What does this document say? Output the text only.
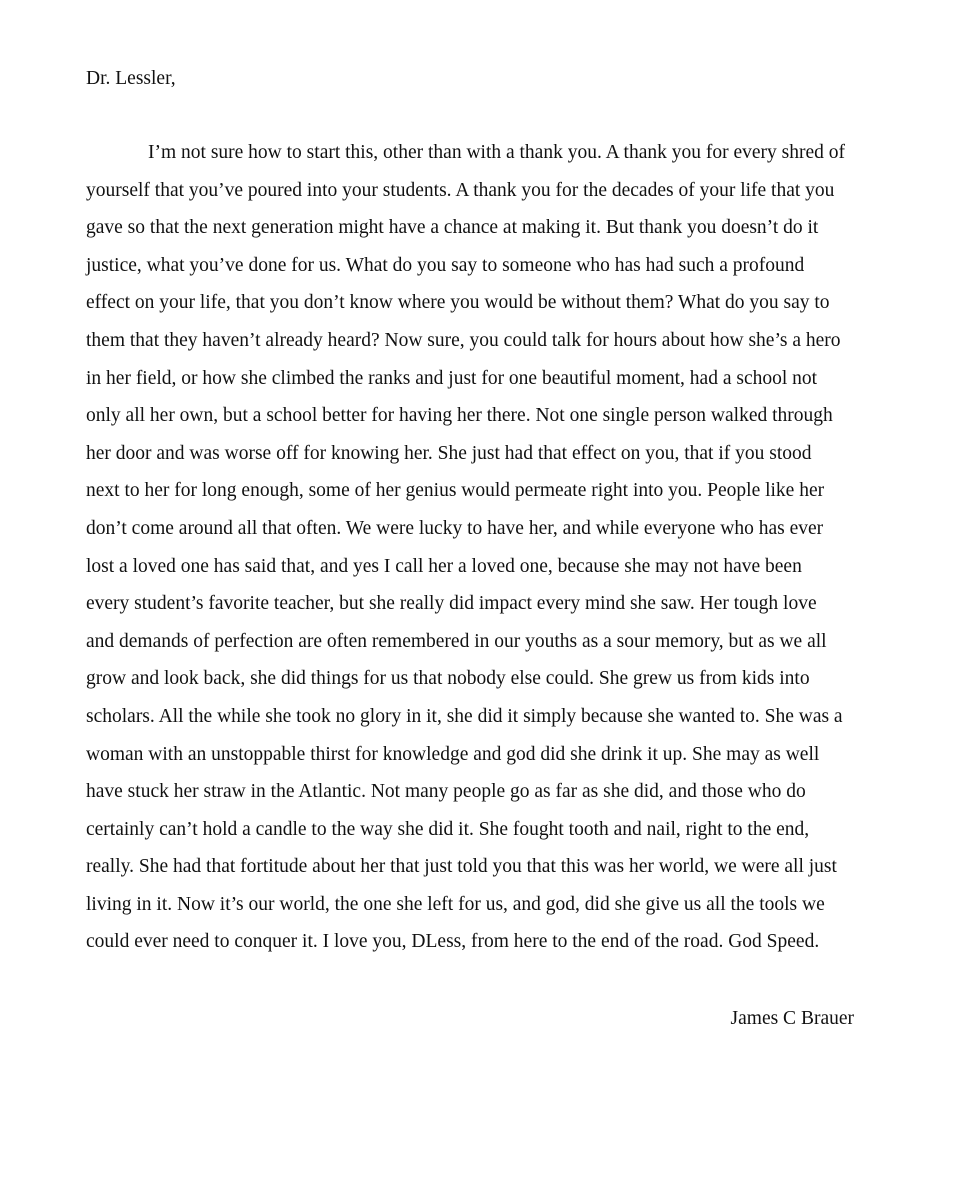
Dr. Lessler,

I’m not sure how to start this, other than with a thank you. A thank you for every shred of
yourself that you’ve poured into your students. A thank you for the decades of your life that you
gave so that the next generation might have a chance at making it. But thank you doesn’t do it
justice, what you’ve done for us. What do you say to someone who has had such a profound
effect on your life, that you don’t know where you would be without them? What do you say to
them that they haven’t already heard? Now sure, you could talk for hours about how she’s a hero
in her field, or how she climbed the ranks and just for one beautiful moment, had a school not
only all her own, but a school better for having her there. Not one single person walked through
her door and was worse off for knowing her. She just had that effect on you, that if you stood
next to her for long enough, some of her genius would permeate right into you. People like her
don’t come around all that often. We were lucky to have her, and while everyone who has ever
lost a loved one has said that, and yes I call her a loved one, because she may not have been
every student’s favorite teacher, but she really did impact every mind she saw. Her tough love
and demands of perfection are often remembered in our youths as a sour memory, but as we all
grow and look back, she did things for us that nobody else could. She grew us from kids into
scholars. All the while she took no glory in it, she did it simply because she wanted to. She was a
woman with an unstoppable thirst for knowledge and god did she drink it up. She may as well
have stuck her straw in the Atlantic. Not many people go as far as she did, and those who do
certainly can’t hold a candle to the way she did it. She fought tooth and nail, right to the end,
really. She had that fortitude about her that just told you that this was her world, we were all just
living in it. Now it’s our world, the one she left for us, and god, did she give us all the tools we
could ever need to conquer it. I love you, DLess, from here to the end of the road. God Speed.

James C Brauer
